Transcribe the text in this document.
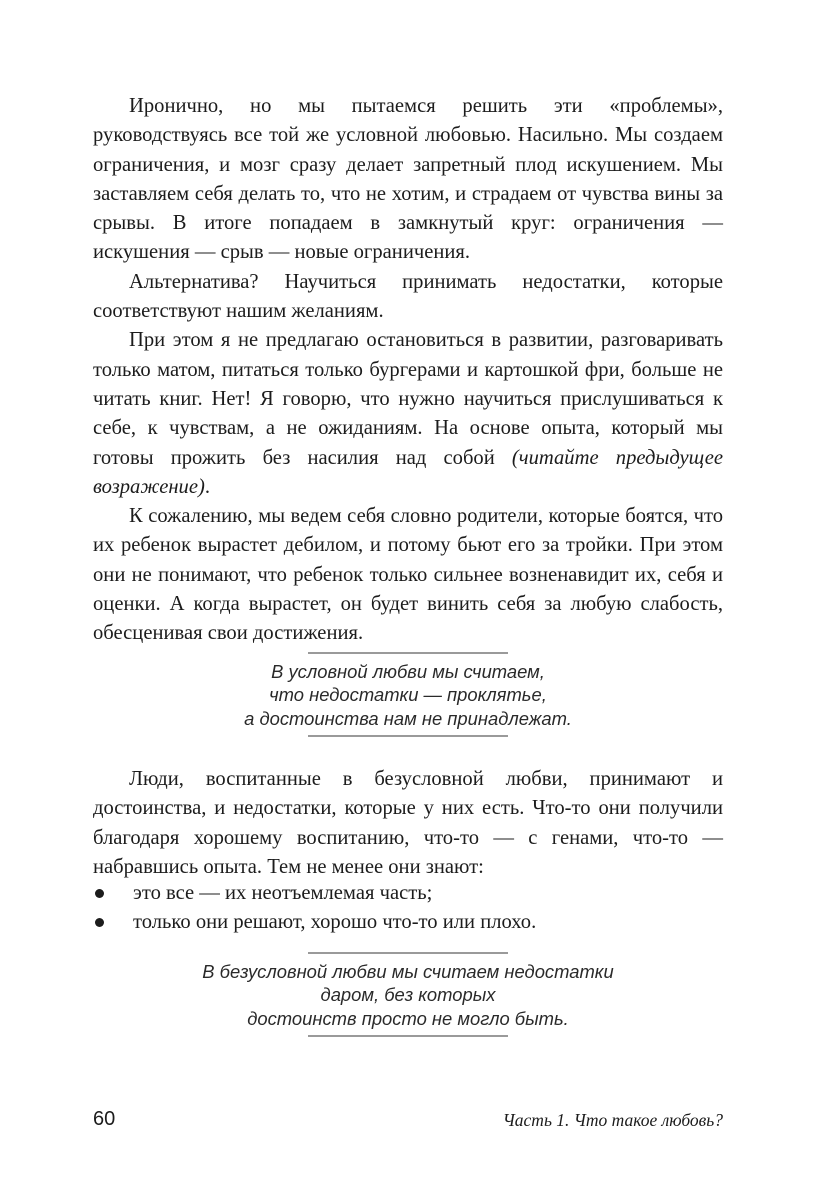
Иронично, но мы пытаемся решить эти «проблемы», руководствуясь все той же условной любовью. Насильно. Мы создаем ограничения, и мозг сразу делает запретный плод искушением. Мы заставляем себя делать то, что не хотим, и страдаем от чувства вины за срывы. В итоге попадаем в замкнутый круг: ограничения — искушения — срыв — новые ограничения.

Альтернатива? Научиться принимать недостатки, которые соответствуют нашим желаниям.

При этом я не предлагаю остановиться в развитии, разговаривать только матом, питаться только бургерами и картошкой фри, больше не читать книг. Нет! Я говорю, что нужно научиться прислушиваться к себе, к чувствам, а не ожиданиям. На основе опыта, который мы готовы прожить без насилия над собой (читайте предыдущее возражение).

К сожалению, мы ведем себя словно родители, которые боятся, что их ребенок вырастет дебилом, и потому бьют его за тройки. При этом они не понимают, что ребенок только сильнее возненавидит их, себя и оценки. А когда вырастет, он будет винить себя за любую слабость, обесценивая свои достижения.

В условной любви мы считаем,
что недостатки — проклятье,
а достоинства нам не принадлежат.

Люди, воспитанные в безусловной любви, принимают и достоинства, и недостатки, которые у них есть. Что-то они получили благодаря хорошему воспитанию, что-то — с генами, что-то — набравшись опыта. Тем не менее они знают:

это все — их неотъемлемая часть;
только они решают, хорошо что-то или плохо.
В безусловной любви мы считаем недостатки
даром, без которых
достоинств просто не могло быть.
60	Часть 1. Что такое любовь?
